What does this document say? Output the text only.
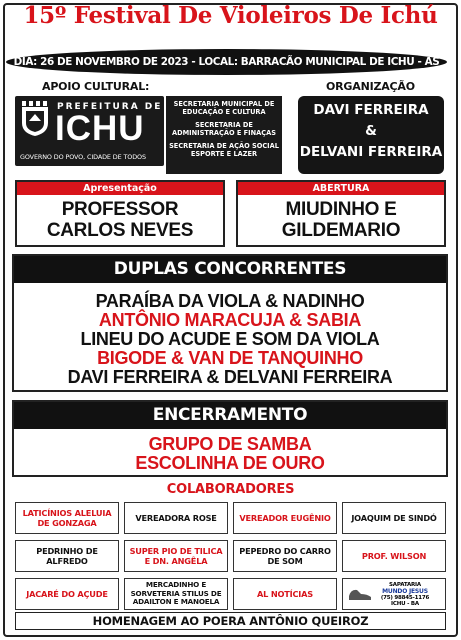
15º Festival De Violeiros De Ichú
DIA: 26 DE NOVEMBRO DE 2023 - LOCAL: BARRACÃO MUNICIPAL DE ICHU - ÀS 15 HS
APOIO CULTURAL:	ORGANIZAÇÃO
PREFEITURA DE
ICHU
GOVERNO DO POVO, CIDADE DE TODOS
SECRETARIA MUNICIPAL DE EDUCAÇÃO E CULTURA
SECRETARIA DE ADMINISTRAÇÃO E FINAÇAS
SECRETARIA DE AÇÃO SOCIAL ESPORTE E LAZER
DAVI FERREIRA
&
DELVANI FERREIRA
Apresentação
PROFESSOR
CARLOS NEVES
ABERTURA
MIUDINHO E
GILDEMARIO
DUPLAS CONCORRENTES
PARAÍBA DA VIOLA & NADINHO
ANTÔNIO MARACUJA & SABIA
LINEU DO ACUDE E SOM DA VIOLA
BIGODE & VAN DE TANQUINHO
DAVI FERREIRA & DELVANI FERREIRA
ENCERRAMENTO
GRUPO DE SAMBA
ESCOLINHA DE OURO
COLABORADORES
LATICÍNIOS ALELUIA DE GONZAGA	VEREADORA ROSE	VEREADOR EUGÊNIO	JOAQUIM DE SINDÓ
PEDRINHO DE ALFREDO
SUPER PIO DE TILICA E DN. ANGÊLA
PEPEDRO DO CARRO DE SOM	PROF. WILSON
JACARÉ DO AÇUDE
MERCADINHO E SORVETERIA STILUS DE ADAILTON E MANOELA
AL NOTÍCIAS
SAPATARIA
MUNDO JESUS
(75) 98845-1176
ICHU - BA
HOMENAGEM AO POERA ANTÔNIO QUEIROZ
